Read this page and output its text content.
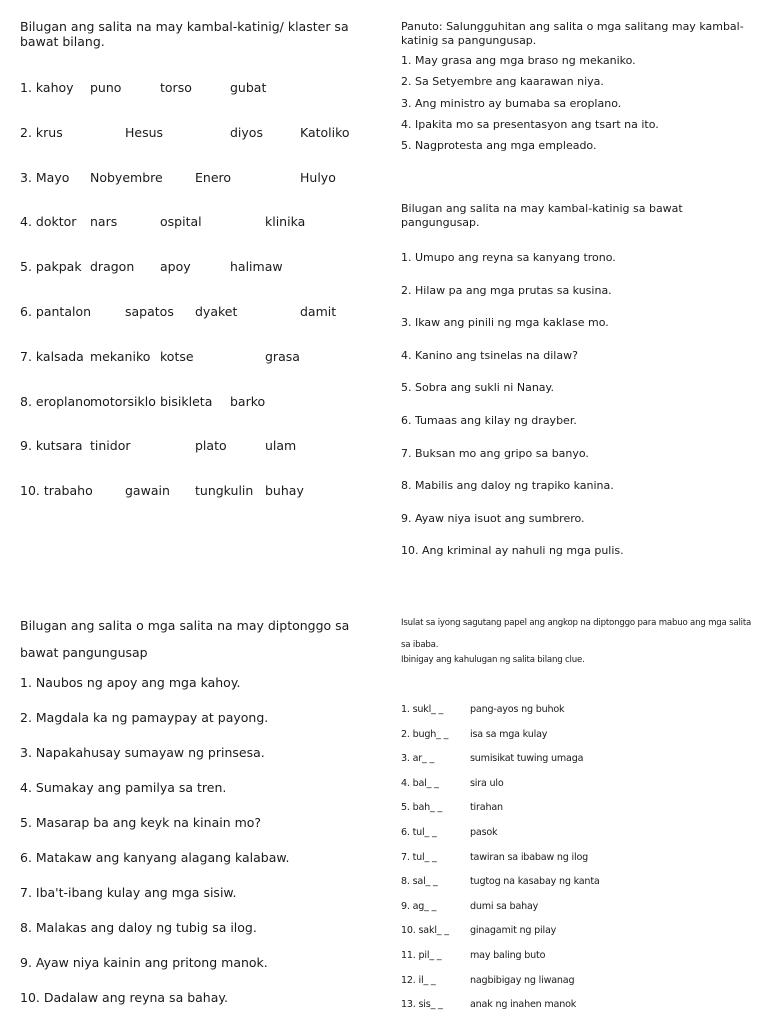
Bilugan ang salita na may kambal-katinig/ klaster sa bawat bilang.
1. kahoy puno	torso	gubat
2. krus	Hesus	diyos	Katoliko
3. Mayo Nobyembre	Enero	Hulyo
4. doktor nars	ospital	klinika
5. pakpak dragon apoy	halimaw
6. pantalon	sapatos dyaket	damit
7. kalsada mekaniko kotse	grasa
8. eroplano motorsiklo bisikleta barko
9. kutsara tinidor	plato	ulam
10. trabaho	gawain tungkulin buhay
Panuto: Salungguhitan ang salita o mga salitang may kambal-katinig sa pangungusap.
1. May grasa ang mga braso ng mekaniko.
2. Sa Setyembre ang kaarawan niya.
3. Ang ministro ay bumaba sa eroplano.
4. Ipakita mo sa presentasyon ang tsart na ito.
5. Nagprotesta ang mga empleado.
Bilugan ang salita na may kambal-katinig sa bawat pangungusap.
1. Umupo ang reyna sa kanyang trono.
2. Hilaw pa ang mga prutas sa kusina.
3. Ikaw ang pinili ng mga kaklase mo.
4. Kanino ang tsinelas na dilaw?
5. Sobra ang sukli ni Nanay.
6. Tumaas ang kilay ng drayber.
7. Buksan mo ang gripo sa banyo.
8. Mabilis ang daloy ng trapiko kanina.
9. Ayaw niya isuot ang sumbrero.
10. Ang kriminal ay nahuli ng mga pulis.
Bilugan ang salita o mga salita na may diptonggo sa bawat pangungusap
1. Naubos ng apoy ang mga kahoy.
2. Magdala ka ng pamaypay at payong.
3. Napakahusay sumayaw ng prinsesa.
4. Sumakay ang pamilya sa tren.
5. Masarap ba ang keyk na kinain mo?
6. Matakaw ang kanyang alagang kalabaw.
7. Iba't-ibang kulay ang mga sisiw.
8. Malakas ang daloy ng tubig sa ilog.
9. Ayaw niya kainin ang pritong manok.
10. Dadalaw ang reyna sa bahay.
Isulat sa iyong sagutang papel ang angkop na diptonggo para mabuo ang mga salita sa ibaba.
Ibinigay ang kahulugan ng salita bilang clue.
1. sukl_ _	pang-ayos ng buhok
2. bugh_ _ isa sa mga kulay
3. ar_ _	sumisikat tuwing umaga
4. bal_ _	sira ulo
5. bah_ _	tirahan
6. tul_ _	pasok
7. tul_ _	tawiran sa ibabaw ng ilog
8. sal_ _	tugtog na kasabay ng kanta
9. ag_ _	dumi sa bahay
10. sakl_ _ ginagamit ng pilay
11. pil_ _	may baling buto
12. il_ _	nagbibigay ng liwanag
13. sis_ _	anak ng inahen manok
